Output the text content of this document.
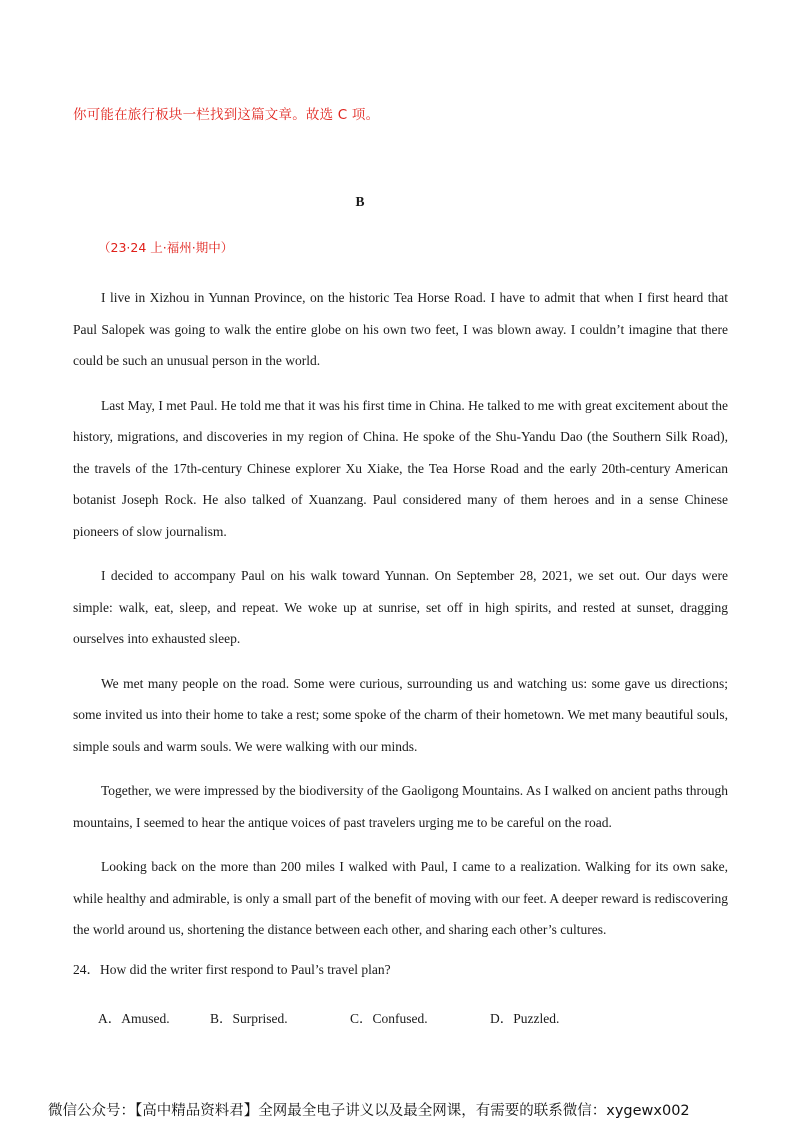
你可能在旅行板块一栏找到这篇文章。故选 C 项。
B
（23·24 上·福州·期中）

I live in Xizhou in Yunnan Province, on the historic Tea Horse Road. I have to admit that when I first heard that Paul Salopek was going to walk the entire globe on his own two feet, I was blown away. I couldn’t imagine that there could be such an unusual person in the world.

Last May, I met Paul. He told me that it was his first time in China. He talked to me with great excitement about the history, migrations, and discoveries in my region of China. He spoke of the Shu-Yandu Dao (the Southern Silk Road), the travels of the 17th-century Chinese explorer Xu Xiake, the Tea Horse Road and the early 20th-century American botanist Joseph Rock. He also talked of Xuanzang. Paul considered many of them heroes and in a sense Chinese pioneers of slow journalism.

I decided to accompany Paul on his walk toward Yunnan. On September 28, 2021, we set out. Our days were simple: walk, eat, sleep, and repeat. We woke up at sunrise, set off in high spirits, and rested at sunset, dragging ourselves into exhausted sleep.

We met many people on the road. Some were curious, surrounding us and watching us: some gave us directions; some invited us into their home to take a rest; some spoke of the charm of their hometown. We met many beautiful souls, simple souls and warm souls. We were walking with our minds.

Together, we were impressed by the biodiversity of the Gaoligong Mountains. As I walked on ancient paths through mountains, I seemed to hear the antique voices of past travelers urging me to be careful on the road.

Looking back on the more than 200 miles I walked with Paul, I came to a realization. Walking for its own sake, while healthy and admirable, is only a small part of the benefit of moving with our feet. A deeper reward is rediscovering the world around us, shortening the distance between each other, and sharing each other’s cultures.

24．How did the writer first respond to Paul’s travel plan?
A．Amused.	B．Surprised.	C．Confused.	D．Puzzled.
微信公众号：【高中精品资料君】全网最全电子讲义以及最全网课，有需要的联系微信：xygewx002
